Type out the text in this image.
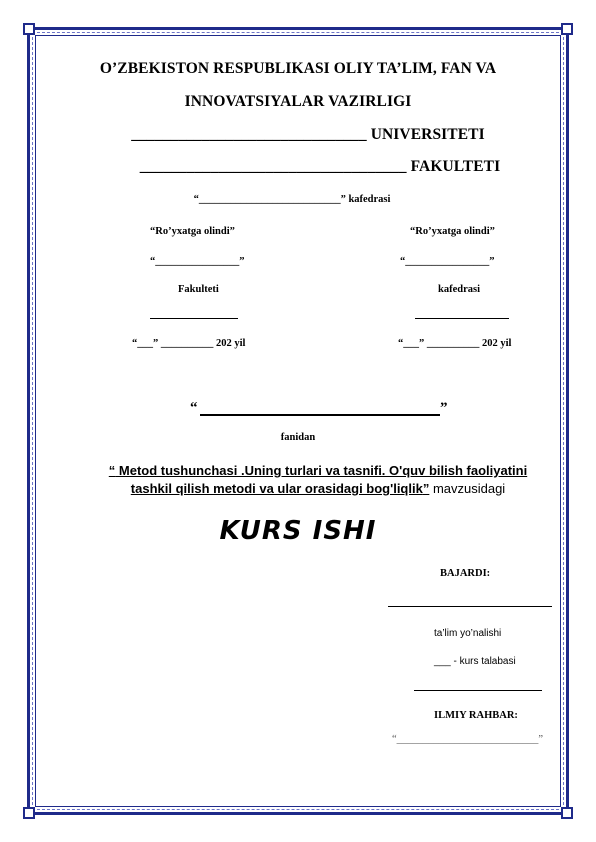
O’ZBEKISTON RESPUBLIKASI OLIY TA’LIM, FAN VA
INNOVATSIYALAR VAZIRLIGI
______________________________ UNIVERSITETI
__________________________________ FAKULTETI
“___________________________” kafedrasi
“Ro’yxatga olindi”
“________________”
Fakulteti
“___” __________ 202 yil
“Ro’yxatga olindi”
“________________”
kafedrasi
“___” __________ 202 yil
“	”
fanidan
“ Metod tushunchasi .Uning turlari va tasnifi. O'quv bilish faoliyatini tashkil qilish metodi va ular orasidagi bog'liqlik” mavzusidagi
KURS ISHI
BAJARDI:
ta’lim yo’nalishi
___ - kurs talabasi
ILMIY RAHBAR:
“___________________________”
